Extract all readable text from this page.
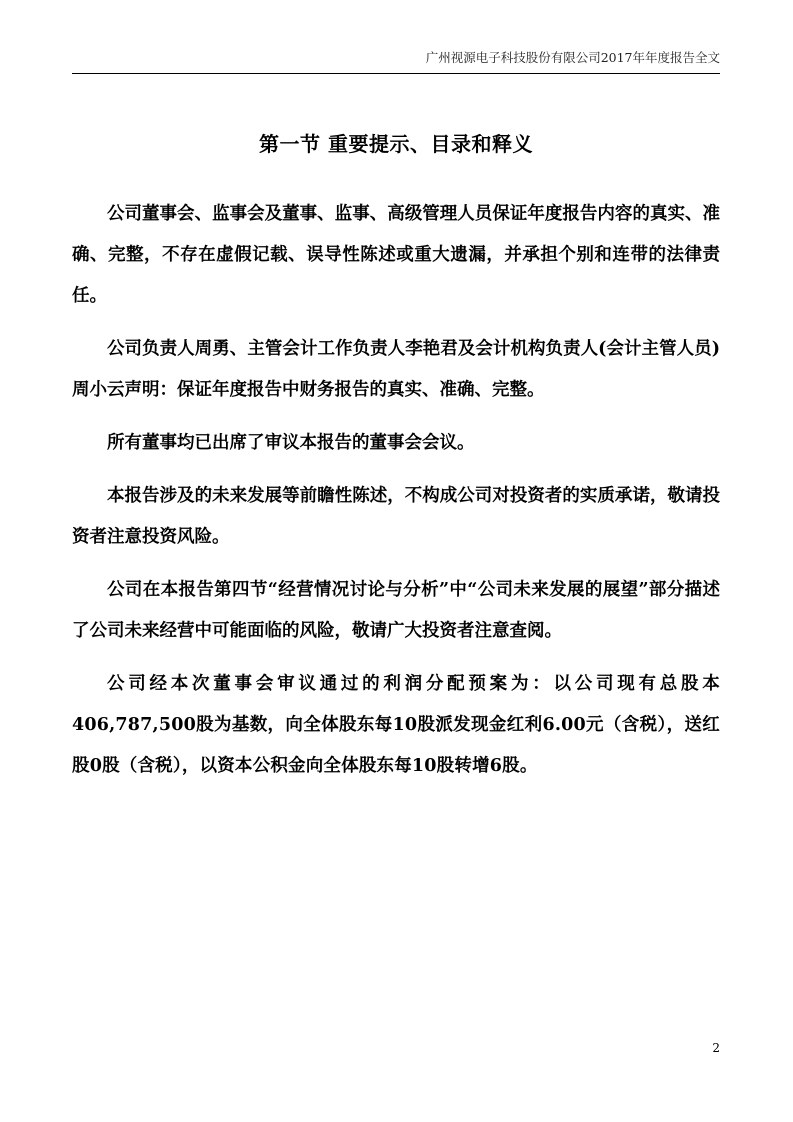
广州视源电子科技股份有限公司2017年年度报告全文
第一节 重要提示、目录和释义

公司董事会、监事会及董事、监事、高级管理人员保证年度报告内容的真实、准确、完整，不存在虚假记载、误导性陈述或重大遗漏，并承担个别和连带的法律责任。

公司负责人周勇、主管会计工作负责人李艳君及会计机构负责人(会计主管人员)周小云声明：保证年度报告中财务报告的真实、准确、完整。

所有董事均已出席了审议本报告的董事会会议。

本报告涉及的未来发展等前瞻性陈述，不构成公司对投资者的实质承诺，敬请投资者注意投资风险。

公司在本报告第四节“经营情况讨论与分析”中“公司未来发展的展望”部分描述了公司未来经营中可能面临的风险，敬请广大投资者注意查阅。

公司经本次董事会审议通过的利润分配预案为：以公司现有总股本406,787,500股为基数，向全体股东每10股派发现金红利6.00元（含税），送红股0股（含税），以资本公积金向全体股东每10股转增6股。

2
